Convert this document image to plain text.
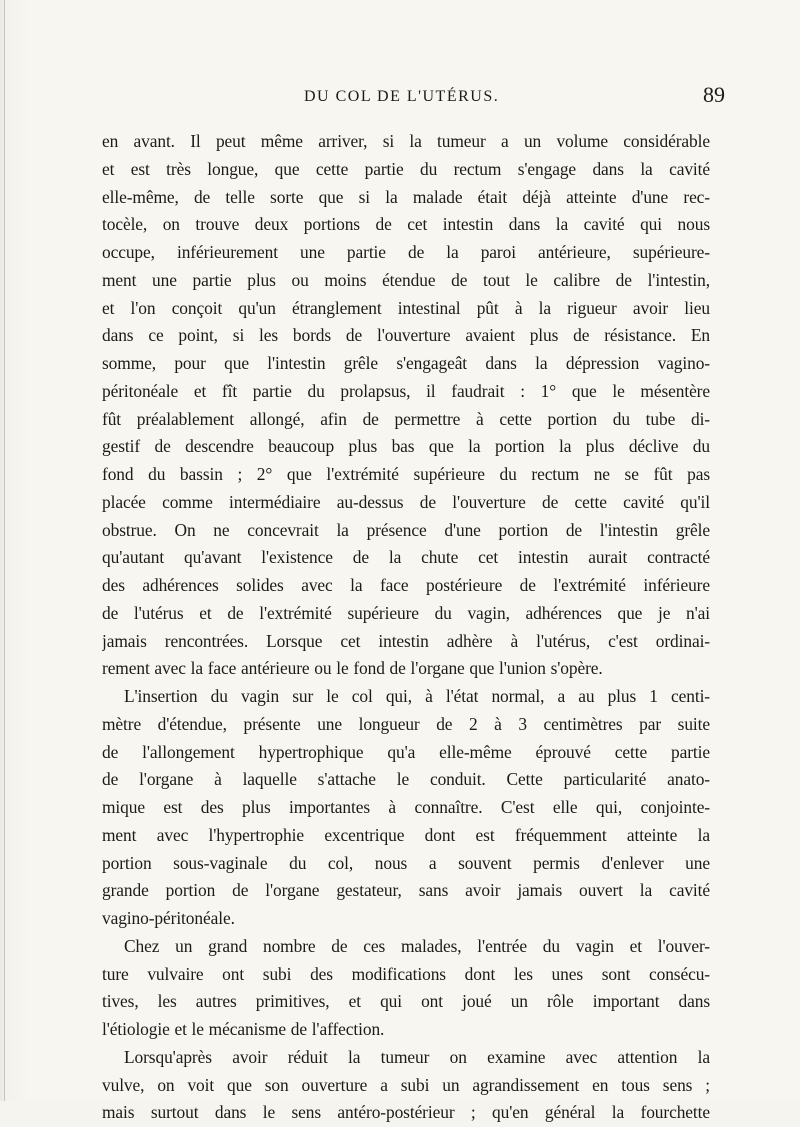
DU COL DE L'UTÉRUS.	89
en avant. Il peut même arriver, si la tumeur a un volume considérable
et est très longue, que cette partie du rectum s'engage dans la cavité
elle-même, de telle sorte que si la malade était déjà atteinte d'une rec-
tocèle, on trouve deux portions de cet intestin dans la cavité qui nous
occupe, inférieurement une partie de la paroi antérieure, supérieure-
ment une partie plus ou moins étendue de tout le calibre de l'intestin,
et l'on conçoit qu'un étranglement intestinal pût à la rigueur avoir lieu
dans ce point, si les bords de l'ouverture avaient plus de résistance. En
somme, pour que l'intestin grêle s'engageât dans la dépression vagino-
péritonéale et fît partie du prolapsus, il faudrait : 1° que le mésentère
fût préalablement allongé, afin de permettre à cette portion du tube di-
gestif de descendre beaucoup plus bas que la portion la plus déclive du
fond du bassin ; 2° que l'extrémité supérieure du rectum ne se fût pas
placée comme intermédiaire au-dessus de l'ouverture de cette cavité qu'il
obstrue. On ne concevrait la présence d'une portion de l'intestin grêle
qu'autant qu'avant l'existence de la chute cet intestin aurait contracté
des adhérences solides avec la face postérieure de l'extrémité inférieure
de l'utérus et de l'extrémité supérieure du vagin, adhérences que je n'ai
jamais rencontrées. Lorsque cet intestin adhère à l'utérus, c'est ordinai-
rement avec la face antérieure ou le fond de l'organe que l'union s'opère.
L'insertion du vagin sur le col qui, à l'état normal, a au plus 1 centi-
mètre d'étendue, présente une longueur de 2 à 3 centimètres par suite
de l'allongement hypertrophique qu'a elle-même éprouvé cette partie
de l'organe à laquelle s'attache le conduit. Cette particularité anato-
mique est des plus importantes à connaître. C'est elle qui, conjointe-
ment avec l'hypertrophie excentrique dont est fréquemment atteinte la
portion sous-vaginale du col, nous a souvent permis d'enlever une
grande portion de l'organe gestateur, sans avoir jamais ouvert la cavité
vagino-péritonéale.
Chez un grand nombre de ces malades, l'entrée du vagin et l'ouver-
ture vulvaire ont subi des modifications dont les unes sont consécu-
tives, les autres primitives, et qui ont joué un rôle important dans
l'étiologie et le mécanisme de l'affection.
Lorsqu'après avoir réduit la tumeur on examine avec attention la
vulve, on voit que son ouverture a subi un agrandissement en tous sens ;
mais surtout dans le sens antéro-postérieur ; qu'en général la fourchette
